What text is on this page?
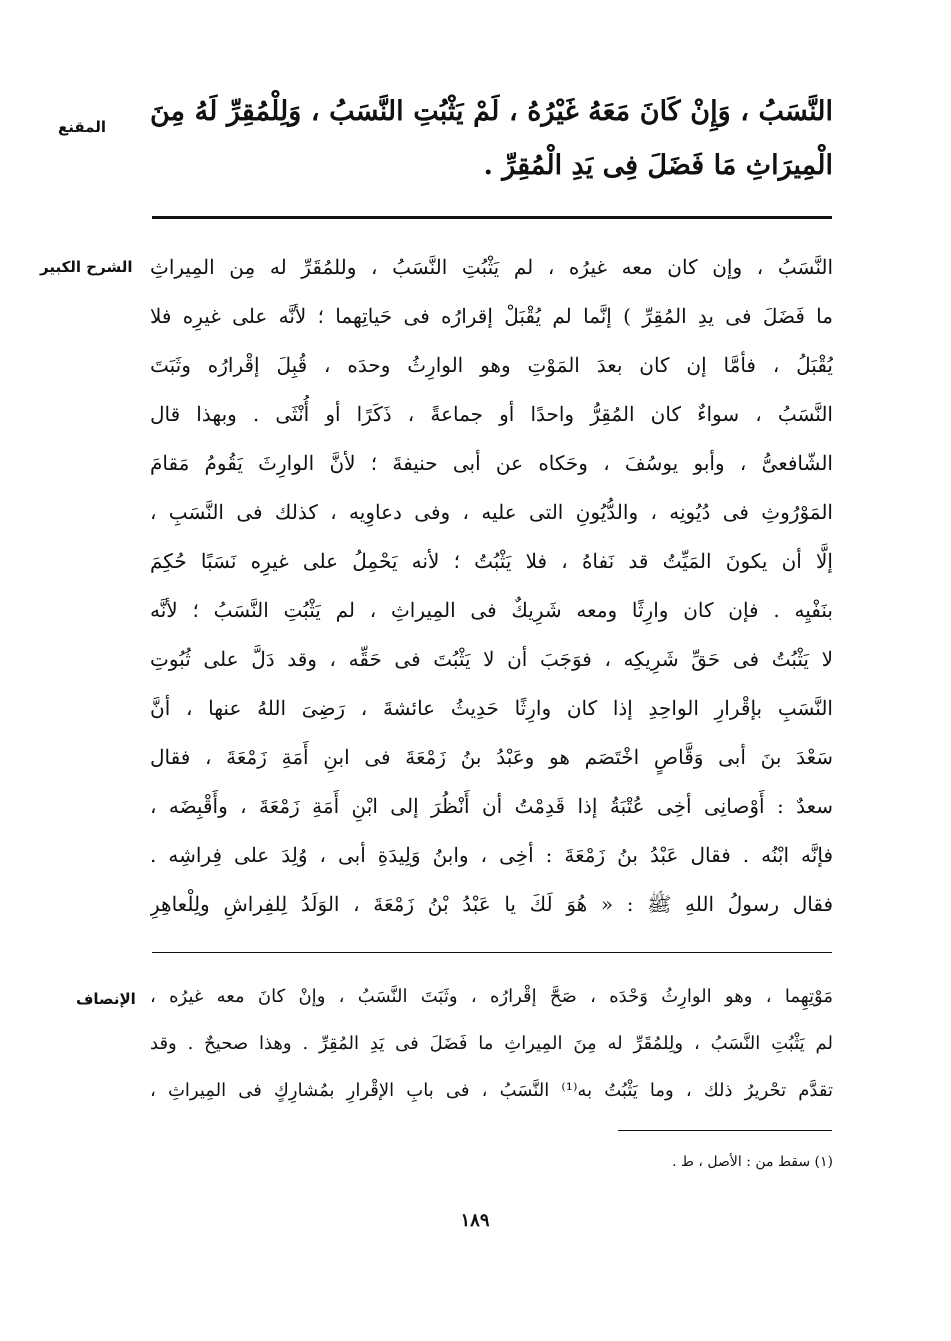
المقنع النَّسَبُ ، وَإِنْ كَانَ مَعَهُ غَيْرُهُ ، لَمْ يَثْبُتِ النَّسَبُ ، وَلِلْمُقِرِّ لَهُ مِنَ
الْمِيرَاثِ مَا فَضَلَ فِى يَدِ الْمُقِرِّ .
الشرح الكبير النَّسَبُ ، وإن كان معه غيرُه ، لم يَثْبُتِ النَّسَبُ ، وللمُقَرِّ له مِن المِيراثِ
ما فَضَلَ فى يدِ المُقِرِّ ) إنَّما لم يُقْبَلْ إقرارُه فى حَياتِهما ؛ لأنَّه على غيرِه فلا
يُقْبَلُ ، فأمَّا إن كان بعدَ المَوْتِ وهو الوارِثُ وحدَه ، قُبِلَ إقْرارُه وثَبَتَ
النَّسَبُ ، سواءٌ كان المُقِرُّ واحدًا أو جماعةً ، ذَكَرًا أو أُنْثَى . وبهذا قال
الشّافعىُّ ، وأبو يوسُفَ ، وحَكاه عن أبى حنيفةَ ؛ لأنَّ الوارِثَ يَقُومُ مَقامَ
المَوْرُوثِ فى دُيُونِه ، والدُّيُونِ التى عليه ، وفى دعاوِيه ، كذلك فى النَّسَبِ ،
إلَّا أن يكونَ المَيِّتُ قد نَفاهُ ، فلا يَثْبُتُ ؛ لأنه يَحْمِلُ على غيرِه نَسَبًا حُكِمَ
بنَفْيِه . فإن كان وارِثًا ومعه شَرِيكٌ فى المِيراثِ ، لم يَثْبُتِ النَّسَبُ ؛ لأنَّه
لا يَثْبُتُ فى حَقِّ شَرِيكِه ، فوَجَبَ أن لا يَثْبُتَ فى حَقِّه ، وقد دَلَّ على ثُبُوتِ
النَّسَبِ بإقْرارِ الواحِدِ إذا كان وارِثًا حَدِيثُ عائشةَ ، رَضِىَ اللهُ عنها ، أنَّ
سَعْدَ بنَ أبى وَقَّاصٍ اخْتَصَم هو وعَبْدُ بنُ زَمْعَةَ فى ابنِ أَمَةِ زَمْعَةَ ، فقال
سعدٌ : أَوْصانِى أخِى عُتْبَةُ إذا قَدِمْتُ أن أَنْظُرَ إلى ابْنِ أَمَةِ زَمْعَةَ ، وأَقْبِضَه ،
فإنَّه ابْنُه . فقال عَبْدُ بنُ زَمْعَةَ : أخِى ، وابنُ وَلِيدَةِ أبى ، وُلِدَ على فِراشِه .
فقال رسولُ اللهِ ﷺ : « هُوَ لَكَ يا عَبْدُ بْنُ زَمْعَةَ ، الوَلَدُ لِلفِراشِ ولِلْعاهِرِ
الإنصاف مَوْتِهِما ، وهو الوارِثُ وَحْدَه ، صَحَّ إقْرارُه ، وثَبَتَ النَّسَبُ ، وإنْ كانَ معه غيرُه ،
لم يَثْبُتِ النَّسَبُ ، ولِلمُقَرِّ له مِنَ المِيراثِ ما فَضَلَ فى يَدِ المُقِرِّ . وهذا صحيحٌ . وقد
تقدَّم تحْريرُ ذلك ، وما يَثْبُتُ به⁽¹⁾ النَّسَبُ ، فى بابِ الإقْرارِ بمُشارِكٍ فى المِيراثِ ،
(١) سقط من : الأصل ، ط .
١٨٩
